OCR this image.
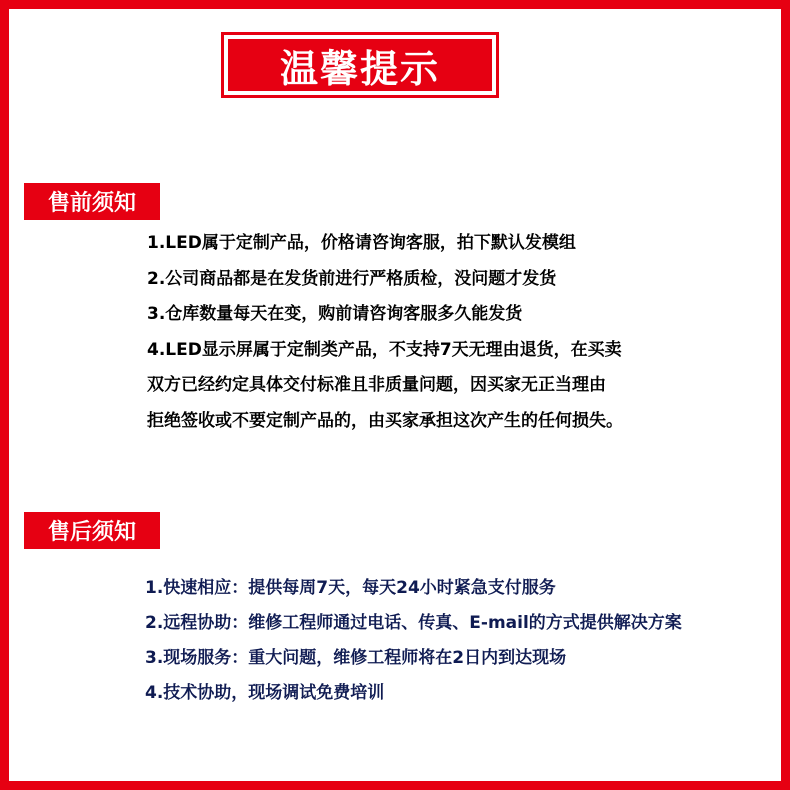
温馨提示
售前须知
1.LED属于定制产品，价格请咨询客服，拍下默认发模组
2.公司商品都是在发货前进行严格质检，没问题才发货
3.仓库数量每天在变，购前请咨询客服多久能发货
4.LED显示屏属于定制类产品，不支持7天无理由退货，在买卖
双方已经约定具体交付标准且非质量问题，因买家无正当理由
拒绝签收或不要定制产品的，由买家承担这次产生的任何损失。
售后须知
1.快速相应：提供每周7天，每天24小时紧急支付服务
2.远程协助：维修工程师通过电话、传真、E-mail的方式提供解决方案
3.现场服务：重大问题，维修工程师将在2日内到达现场
4.技术协助，现场调试免费培训
